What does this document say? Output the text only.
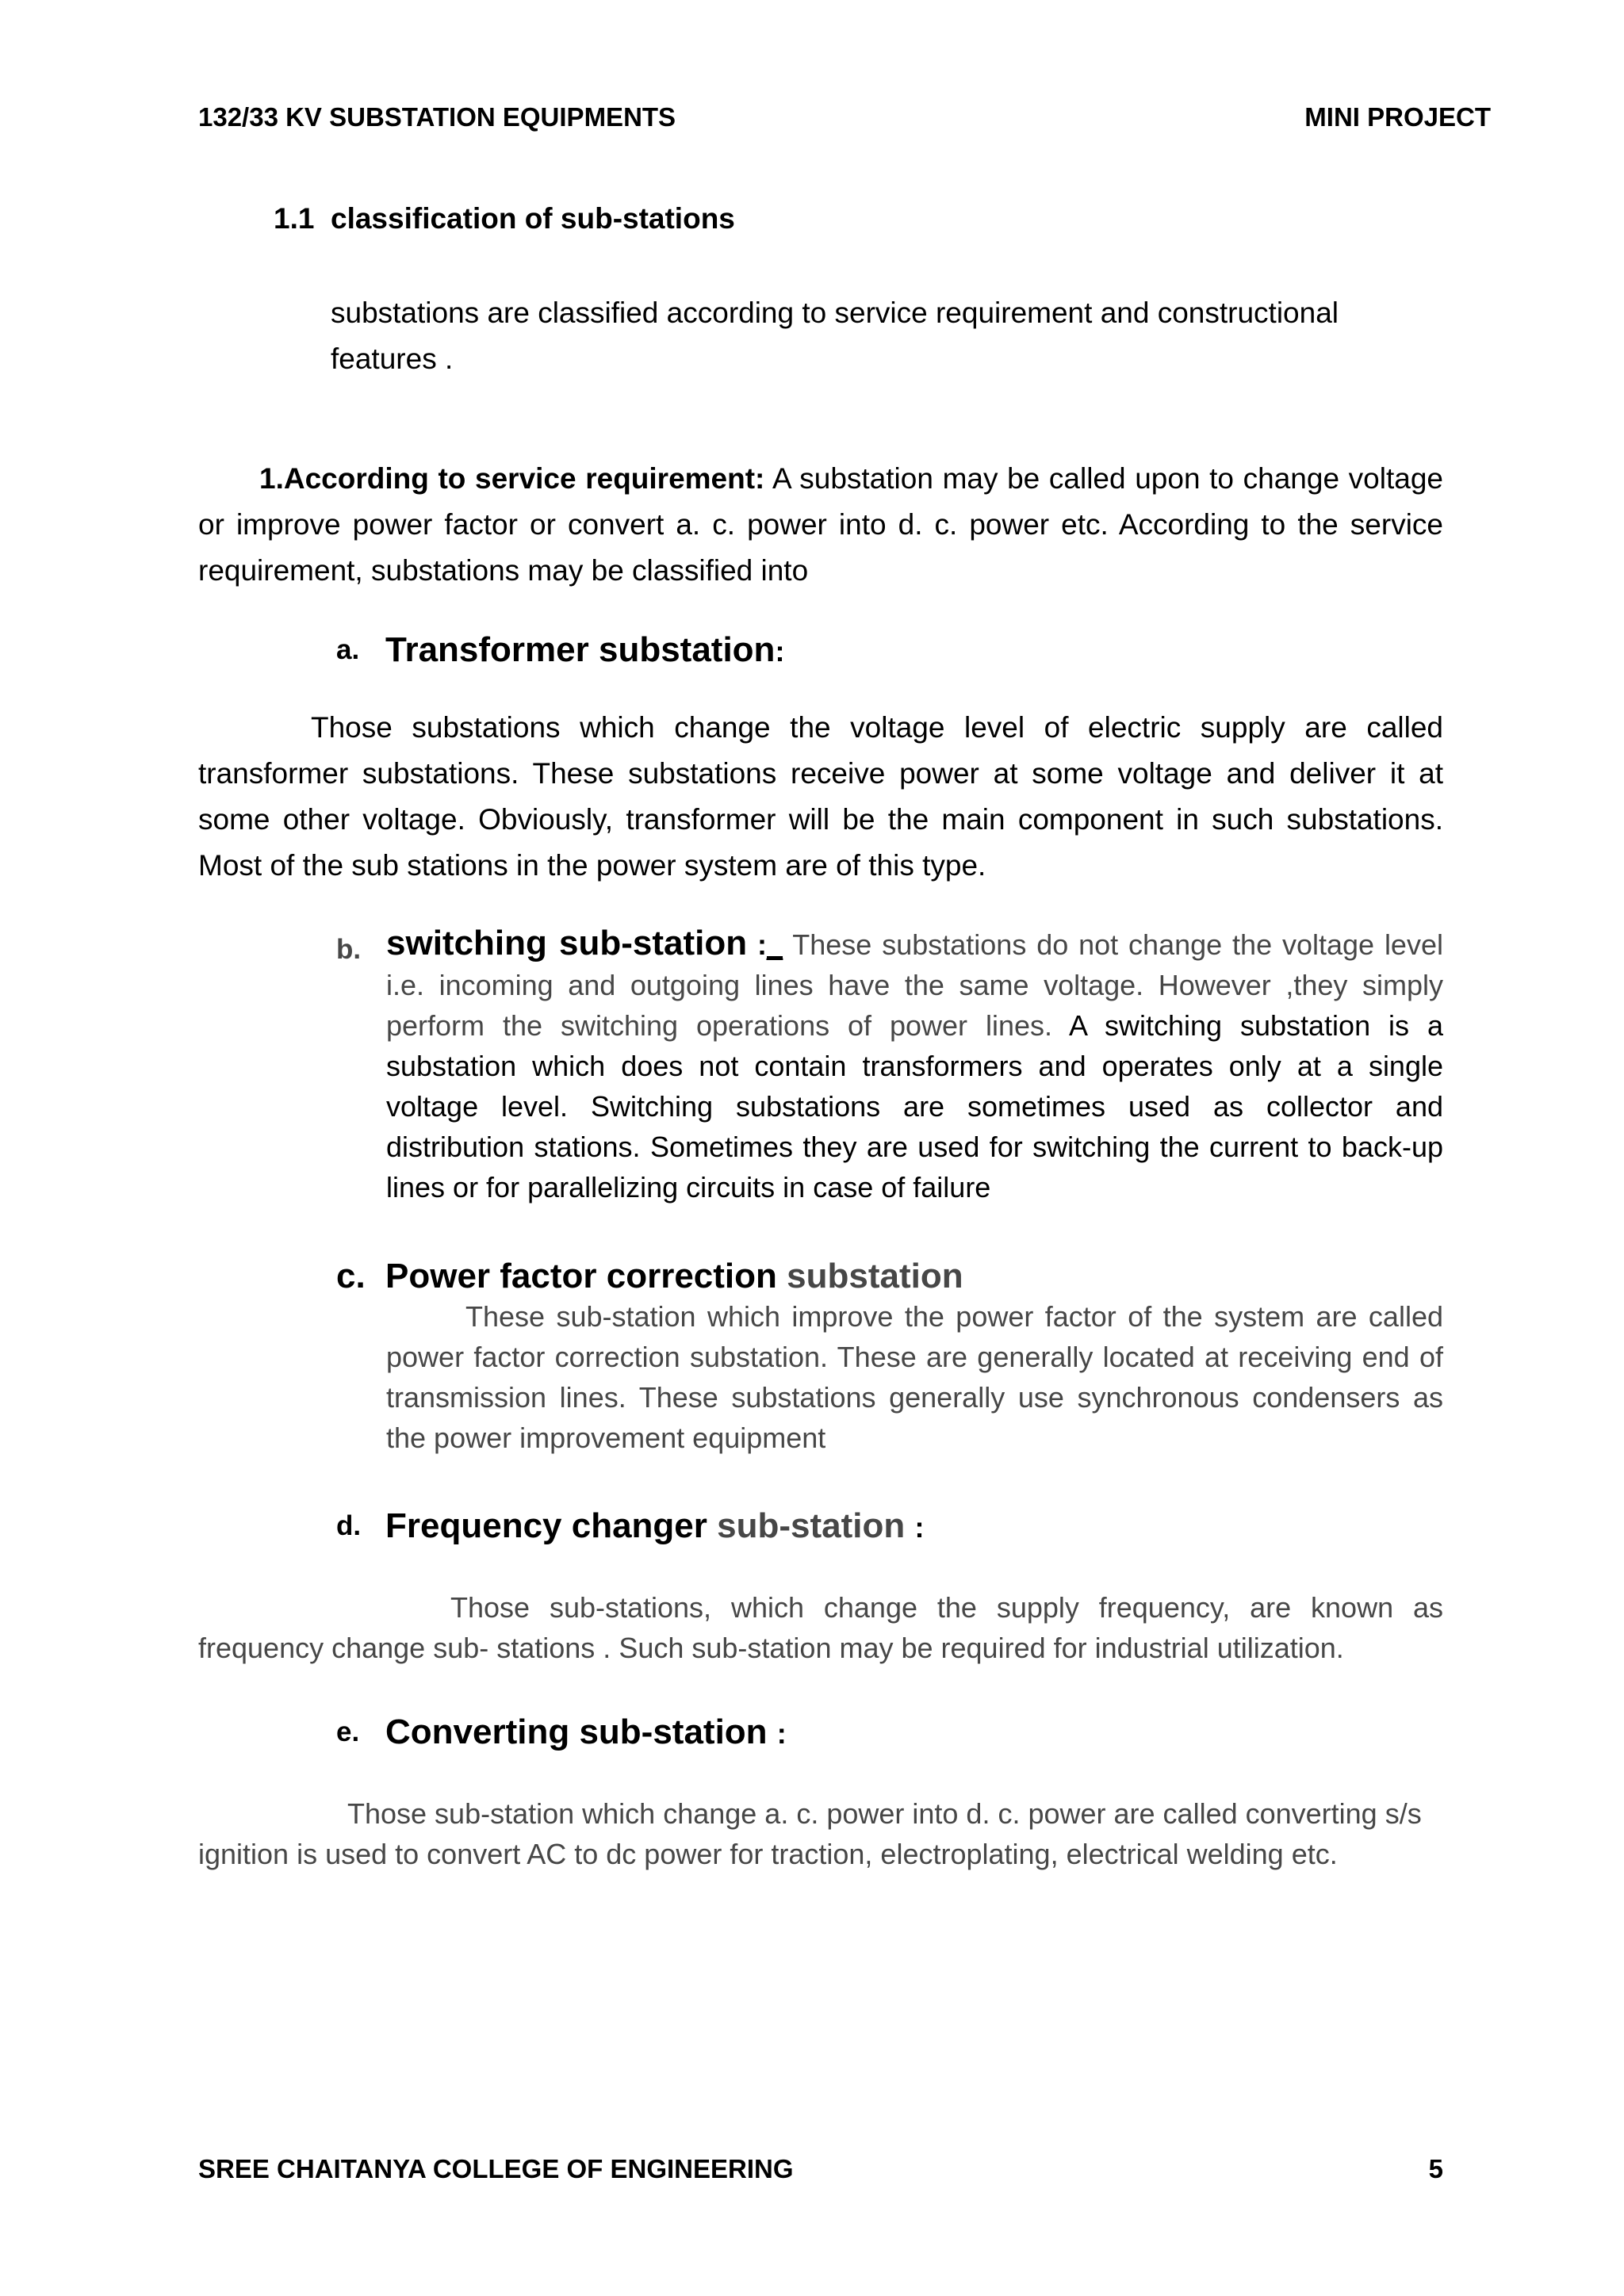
132/33 KV SUBSTATION EQUIPMENTS	MINI PROJECT
1.1 classification of sub-stations
substations are classified according to service requirement and constructional
features .
1.According to service requirement: A substation may be called upon to change voltage or improve power factor or convert a. c. power into d. c. power etc. According to the service requirement, substations may be classified into
a. Transformer substation:
Those substations which change the voltage level of electric supply are called transformer substations. These substations receive power at some voltage and deliver it at some other voltage. Obviously, transformer will be the main component in such substations. Most of the sub stations in the power system are of this type.
b. switching sub-station :_ These substations do not change the voltage level i.e. incoming and outgoing lines have the same voltage. However ,they simply perform the switching operations of power lines. A switching substation is a substation which does not contain transformers and operates only at a single voltage level. Switching substations are sometimes used as collector and distribution stations. Sometimes they are used for switching the current to back-up lines or for parallelizing circuits in case of failure
c. Power factor correction substation
These sub-station which improve the power factor of the system are called power factor correction substation. These are generally located at receiving end of transmission lines. These substations generally use synchronous condensers as the power improvement equipment
d. Frequency changer sub-station :
Those sub-stations, which change the supply frequency, are known as frequency change sub- stations . Such sub-station may be required for industrial utilization.
e. Converting sub-station :
Those sub-station which change a. c. power into d. c. power are called converting s/s ignition is used to convert AC to dc power for traction, electroplating, electrical welding etc.
SREE CHAITANYA COLLEGE OF ENGINEERING	5
